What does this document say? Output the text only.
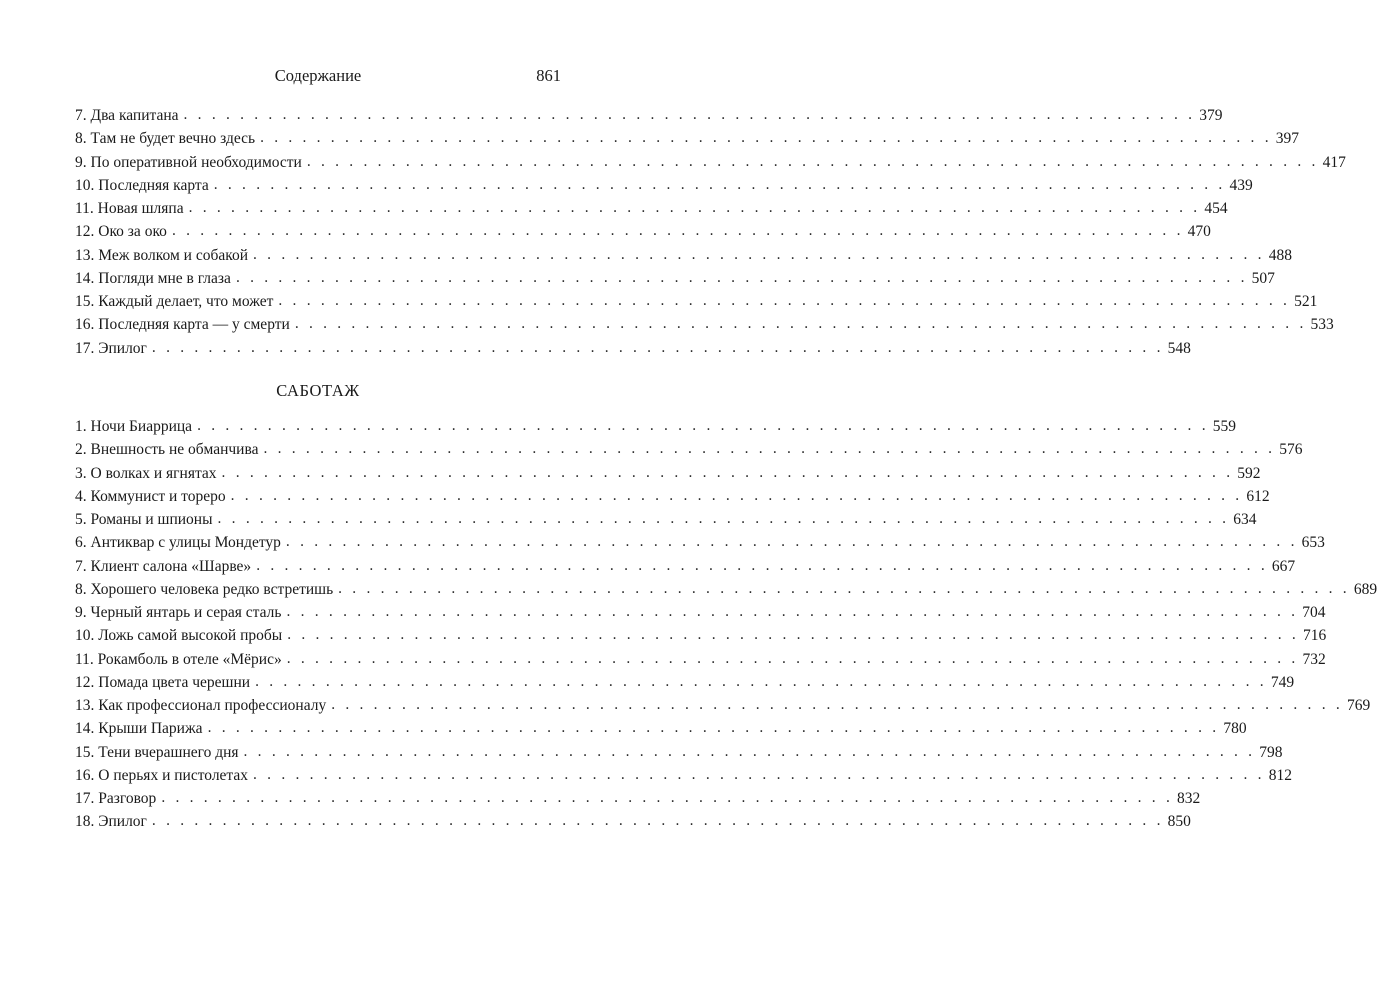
Содержание	861
7. Два капитана . . . . . . . . . . . . . . . . . . . . . . . . . . . . . . . . . . . . . . . . . . . . . . . . . . . . . . . . . . . . . . . . . . . . . . . . 379
8. Там не будет вечно здесь . . . . . . . . . . . . . . . . . . . . . . . . . . . . . . . . . . . . . . . . . . . . . . . . . . . . . . . . . . . . . . . . . . . . . . . . 397
9. По оперативной необходимости . . . . . . . . . . . . . . . . . . . . . . . . . . . . . . . . . . . . . . . . . . . . . . . . . . . . . . . . . . . . . . . . . . . . . . . . 417
10. Последняя карта . . . . . . . . . . . . . . . . . . . . . . . . . . . . . . . . . . . . . . . . . . . . . . . . . . . . . . . . . . . . . . . . . . . . . . . . 439
11. Новая шляпа . . . . . . . . . . . . . . . . . . . . . . . . . . . . . . . . . . . . . . . . . . . . . . . . . . . . . . . . . . . . . . . . . . . . . . . . 454
12. Око за око . . . . . . . . . . . . . . . . . . . . . . . . . . . . . . . . . . . . . . . . . . . . . . . . . . . . . . . . . . . . . . . . . . . . . . . . 470
13. Меж волком и собакой . . . . . . . . . . . . . . . . . . . . . . . . . . . . . . . . . . . . . . . . . . . . . . . . . . . . . . . . . . . . . . . . . . . . . . . . 488
14. Погляди мне в глаза . . . . . . . . . . . . . . . . . . . . . . . . . . . . . . . . . . . . . . . . . . . . . . . . . . . . . . . . . . . . . . . . . . . . . . . . 507
15. Каждый делает, что может . . . . . . . . . . . . . . . . . . . . . . . . . . . . . . . . . . . . . . . . . . . . . . . . . . . . . . . . . . . . . . . . . . . . . . . . 521
16. Последняя карта — у смерти . . . . . . . . . . . . . . . . . . . . . . . . . . . . . . . . . . . . . . . . . . . . . . . . . . . . . . . . . . . . . . . . . . . . . . . . 533
17. Эпилог . . . . . . . . . . . . . . . . . . . . . . . . . . . . . . . . . . . . . . . . . . . . . . . . . . . . . . . . . . . . . . . . . . . . . . . . 548
САБОТАЖ
1. Ночи Биаррица . . . . . . . . . . . . . . . . . . . . . . . . . . . . . . . . . . . . . . . . . . . . . . . . . . . . . . . . . . . . . . . . . . . . . . . . 559
2. Внешность не обманчива . . . . . . . . . . . . . . . . . . . . . . . . . . . . . . . . . . . . . . . . . . . . . . . . . . . . . . . . . . . . . . . . . . . . . . . . 576
3. О волках и ягнятах . . . . . . . . . . . . . . . . . . . . . . . . . . . . . . . . . . . . . . . . . . . . . . . . . . . . . . . . . . . . . . . . . . . . . . . . 592
4. Коммунист и тореро . . . . . . . . . . . . . . . . . . . . . . . . . . . . . . . . . . . . . . . . . . . . . . . . . . . . . . . . . . . . . . . . . . . . . . . . 612
5. Романы и шпионы . . . . . . . . . . . . . . . . . . . . . . . . . . . . . . . . . . . . . . . . . . . . . . . . . . . . . . . . . . . . . . . . . . . . . . . . 634
6. Антиквар с улицы Мондетур . . . . . . . . . . . . . . . . . . . . . . . . . . . . . . . . . . . . . . . . . . . . . . . . . . . . . . . . . . . . . . . . . . . . . . . . 653
7. Клиент салона «Шарве» . . . . . . . . . . . . . . . . . . . . . . . . . . . . . . . . . . . . . . . . . . . . . . . . . . . . . . . . . . . . . . . . . . . . . . . . 667
8. Хорошего человека редко встретишь . . . . . . . . . . . . . . . . . . . . . . . . . . . . . . . . . . . . . . . . . . . . . . . . . . . . . . . . . . . . . . . . . . . . . . . . 689
9. Черный янтарь и серая сталь . . . . . . . . . . . . . . . . . . . . . . . . . . . . . . . . . . . . . . . . . . . . . . . . . . . . . . . . . . . . . . . . . . . . . . . . 704
10. Ложь самой высокой пробы . . . . . . . . . . . . . . . . . . . . . . . . . . . . . . . . . . . . . . . . . . . . . . . . . . . . . . . . . . . . . . . . . . . . . . . . 716
11. Рокамболь в отеле «Мёрис» . . . . . . . . . . . . . . . . . . . . . . . . . . . . . . . . . . . . . . . . . . . . . . . . . . . . . . . . . . . . . . . . . . . . . . . . 732
12. Помада цвета черешни . . . . . . . . . . . . . . . . . . . . . . . . . . . . . . . . . . . . . . . . . . . . . . . . . . . . . . . . . . . . . . . . . . . . . . . . 749
13. Как профессионал профессионалу . . . . . . . . . . . . . . . . . . . . . . . . . . . . . . . . . . . . . . . . . . . . . . . . . . . . . . . . . . . . . . . . . . . . . . . . 769
14. Крыши Парижа . . . . . . . . . . . . . . . . . . . . . . . . . . . . . . . . . . . . . . . . . . . . . . . . . . . . . . . . . . . . . . . . . . . . . . . . 780
15. Тени вчерашнего дня . . . . . . . . . . . . . . . . . . . . . . . . . . . . . . . . . . . . . . . . . . . . . . . . . . . . . . . . . . . . . . . . . . . . . . . . 798
16. О перьях и пистолетах . . . . . . . . . . . . . . . . . . . . . . . . . . . . . . . . . . . . . . . . . . . . . . . . . . . . . . . . . . . . . . . . . . . . . . . . 812
17. Разговор . . . . . . . . . . . . . . . . . . . . . . . . . . . . . . . . . . . . . . . . . . . . . . . . . . . . . . . . . . . . . . . . . . . . . . . . 832
18. Эпилог . . . . . . . . . . . . . . . . . . . . . . . . . . . . . . . . . . . . . . . . . . . . . . . . . . . . . . . . . . . . . . . . . . . . . . . . 850
